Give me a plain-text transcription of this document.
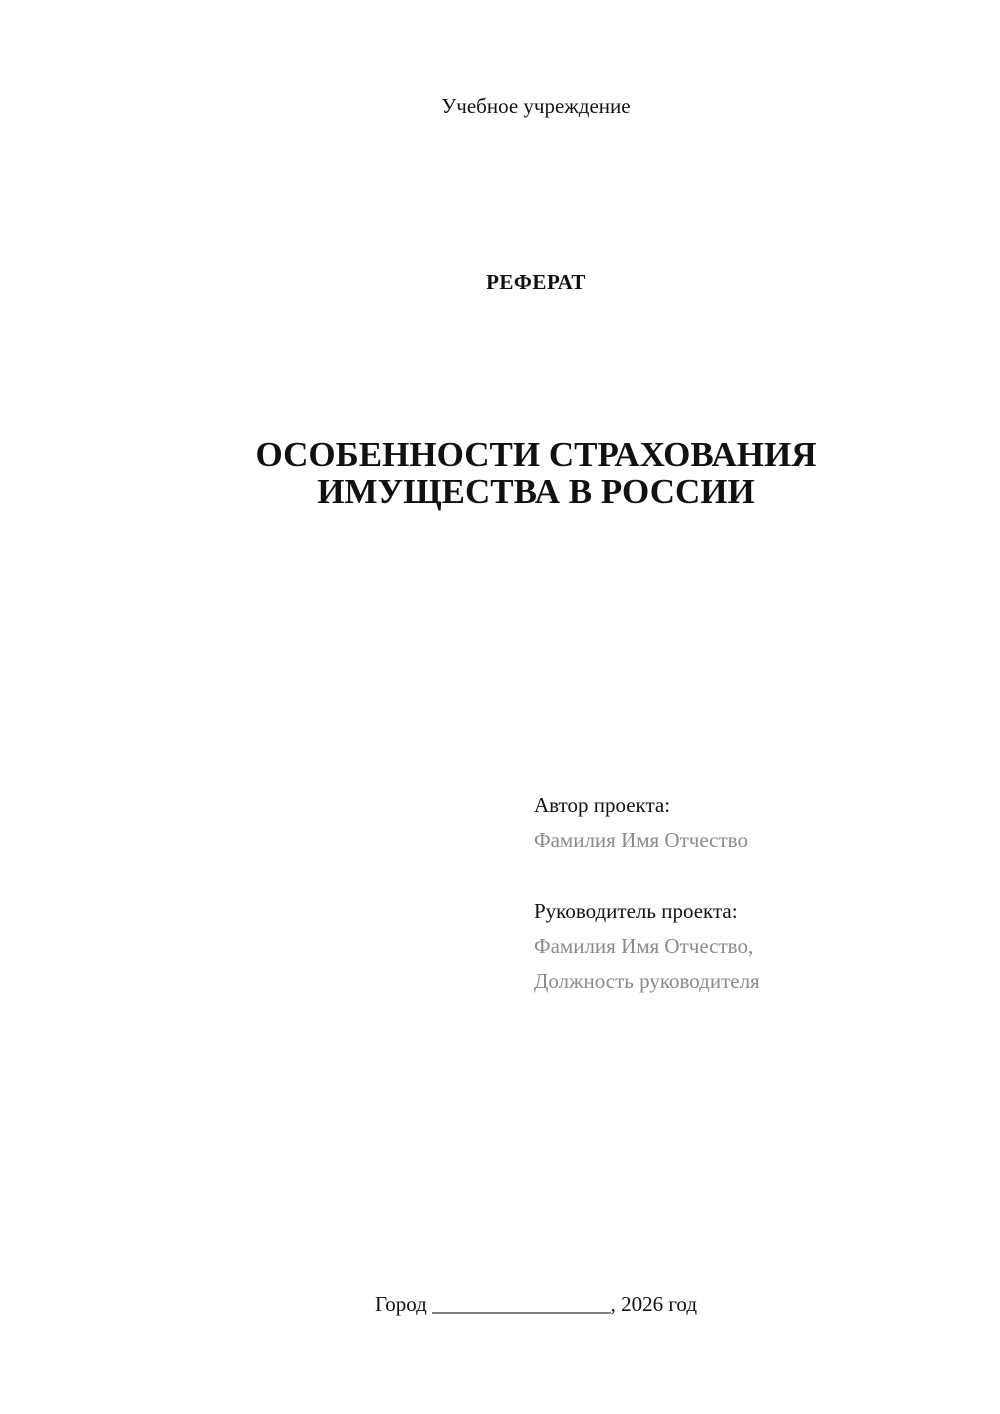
Учебное учреждение
РЕФЕРАТ
ОСОБЕННОСТИ СТРАХОВАНИЯ
ИМУЩЕСТВА В РОССИИ
Автор проекта:
Фамилия Имя Отчество
Руководитель проекта:
Фамилия Имя Отчество,
Должность руководителя
Город _________________, 2026 год
